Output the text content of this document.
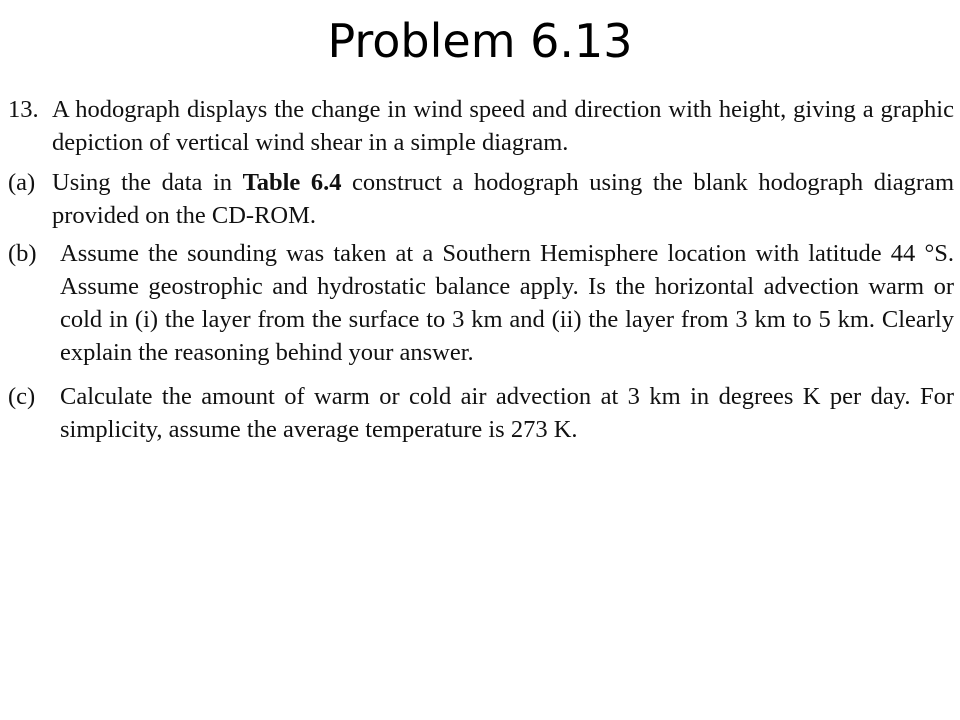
Problem 6.13
13. A hodograph displays the change in wind speed and direction with height, giving a graphic depiction of vertical wind shear in a simple diagram.
(a) Using the data in Table 6.4 construct a hodograph using the blank hodograph diagram provided on the CD-ROM.
(b) Assume the sounding was taken at a Southern Hemisphere location with latitude 44 °S. Assume geostrophic and hydrostatic balance apply. Is the horizontal advection warm or cold in (i) the layer from the surface to 3 km and (ii) the layer from 3 km to 5 km. Clearly explain the reasoning behind your answer.
(c)	Calculate the amount of warm or cold air advection at 3 km in degrees K per day. For simplicity, assume the average temperature is 273 K.
